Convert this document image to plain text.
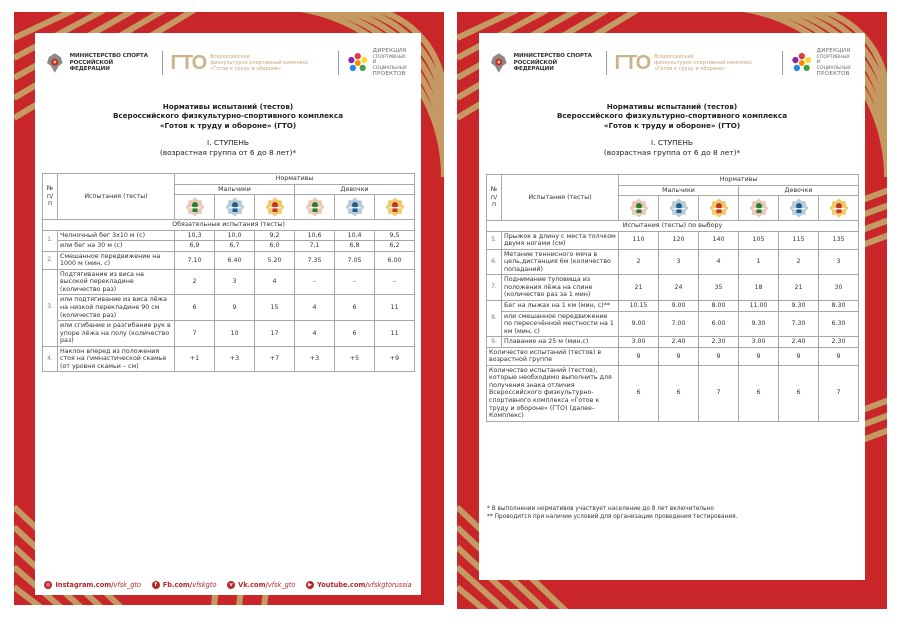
МИНИСТЕРСТВО СПОРТА
РОССИЙСКОЙ ФЕДЕРАЦИИ	ГТО Всероссийский
физкультурно-спортивный комплекс
«Готов к труду и обороне»
ДИРЕКЦИЯ
СПОРТИВНЫХ
И СОЦИАЛЬНЫХ
ПРОЕКТОВ
Нормативы испытаний (тестов)
Всероссийского физкультурно-спортивного комплекса
«Готов к труду и обороне» (ГТО)
I. СТУПЕНЬ
(возрастная группа от 6 до 8 лет)*
№ п/п	Испытания (тесты)	Нормативы					
		Мальчики			Девочки		

Обязательные испытания (тесты)							
1.	Челночный бег 3х10 м (с)	10,3	10,0	9,2	10,6	10,4	9,5
	или бег на 30 м (с)	6,9	6,7	6,0	7,1	6,8	6,2
2.	Смешанное передвижение на 1000 м (мин, с)	7.10	6.40	5.20	7.35	7.05	6.00
3.	Подтягивание из виса на высокой перекладине (количество раз)	2	3	4	–	–	–
	или подтягивание из виса лёжа на низкой перекладине 90 см (количество раз)	6	9	15	4	6	11
	или сгибание и разгибание рук в упоре лёжа на полу (количество раз)	7	10	17	4	6	11
4.	Наклон вперед из положения стоя на гимнастической скамье (от уровня скамьи – см)	+1	+3	+7	+3	+5	+9
◎ Instagram.com/vfsk_gto	f Fb.com/vfskgto	v Vk.com/vfsk_gto	▶ Youtube.com/vfskgtorussia
МИНИСТЕРСТВО СПОРТА
РОССИЙСКОЙ ФЕДЕРАЦИИ	ГТО Всероссийский
физкультурно-спортивный комплекс
«Готов к труду и обороне»
ДИРЕКЦИЯ
СПОРТИВНЫХ
И СОЦИАЛЬНЫХ
ПРОЕКТОВ
Нормативы испытаний (тестов)
Всероссийского физкультурно-спортивного комплекса
«Готов к труду и обороне» (ГТО)
I. СТУПЕНЬ
(возрастная группа от 6 до 8 лет)*
№ п/п	Испытания (тесты)	Нормативы					
		Мальчики			Девочки		

Испытания (тесты) по выбору							
5.	Прыжок в длину с места толчком двумя ногами (см)	110	120	140	105	115	135
6.	Метание теннисного мяча в цель,дистанция 6м (количество попаданий)	2	3	4	1	2	3
7.	Поднимание туловища из положения лёжа на спине (количество раз за 1 мин)	21	24	35	18	21	30
8.	Бег на лыжах на 1 км (мин, с)**	10.15	9.00	8.00	11.00	9.30	8.30
	или смешанное передвижение по пересечённой местности на 1 км (мин, с)	9.00	7.00	6.00	9.30	7.30	6.30
9.	Плавание на 25 м (мин,с)	3.00	2.40	2.30	3.00	2.40	2.30
Количество испытаний (тестов) в возрастной группе		9	9	9	9	9	9
Количество испытаний (тестов), которые необходимо выполнить для получения знака отличия Всероссийского физкультурно-спортивного комплекса «Готов к труду и обороне» (ГТО) (далее–Комплекс)		6	6	7	6	6	7
* В выполнении нормативов участвует население до 8 лет включительно
** Проводится при наличии условий для организации проведения тестирования.
